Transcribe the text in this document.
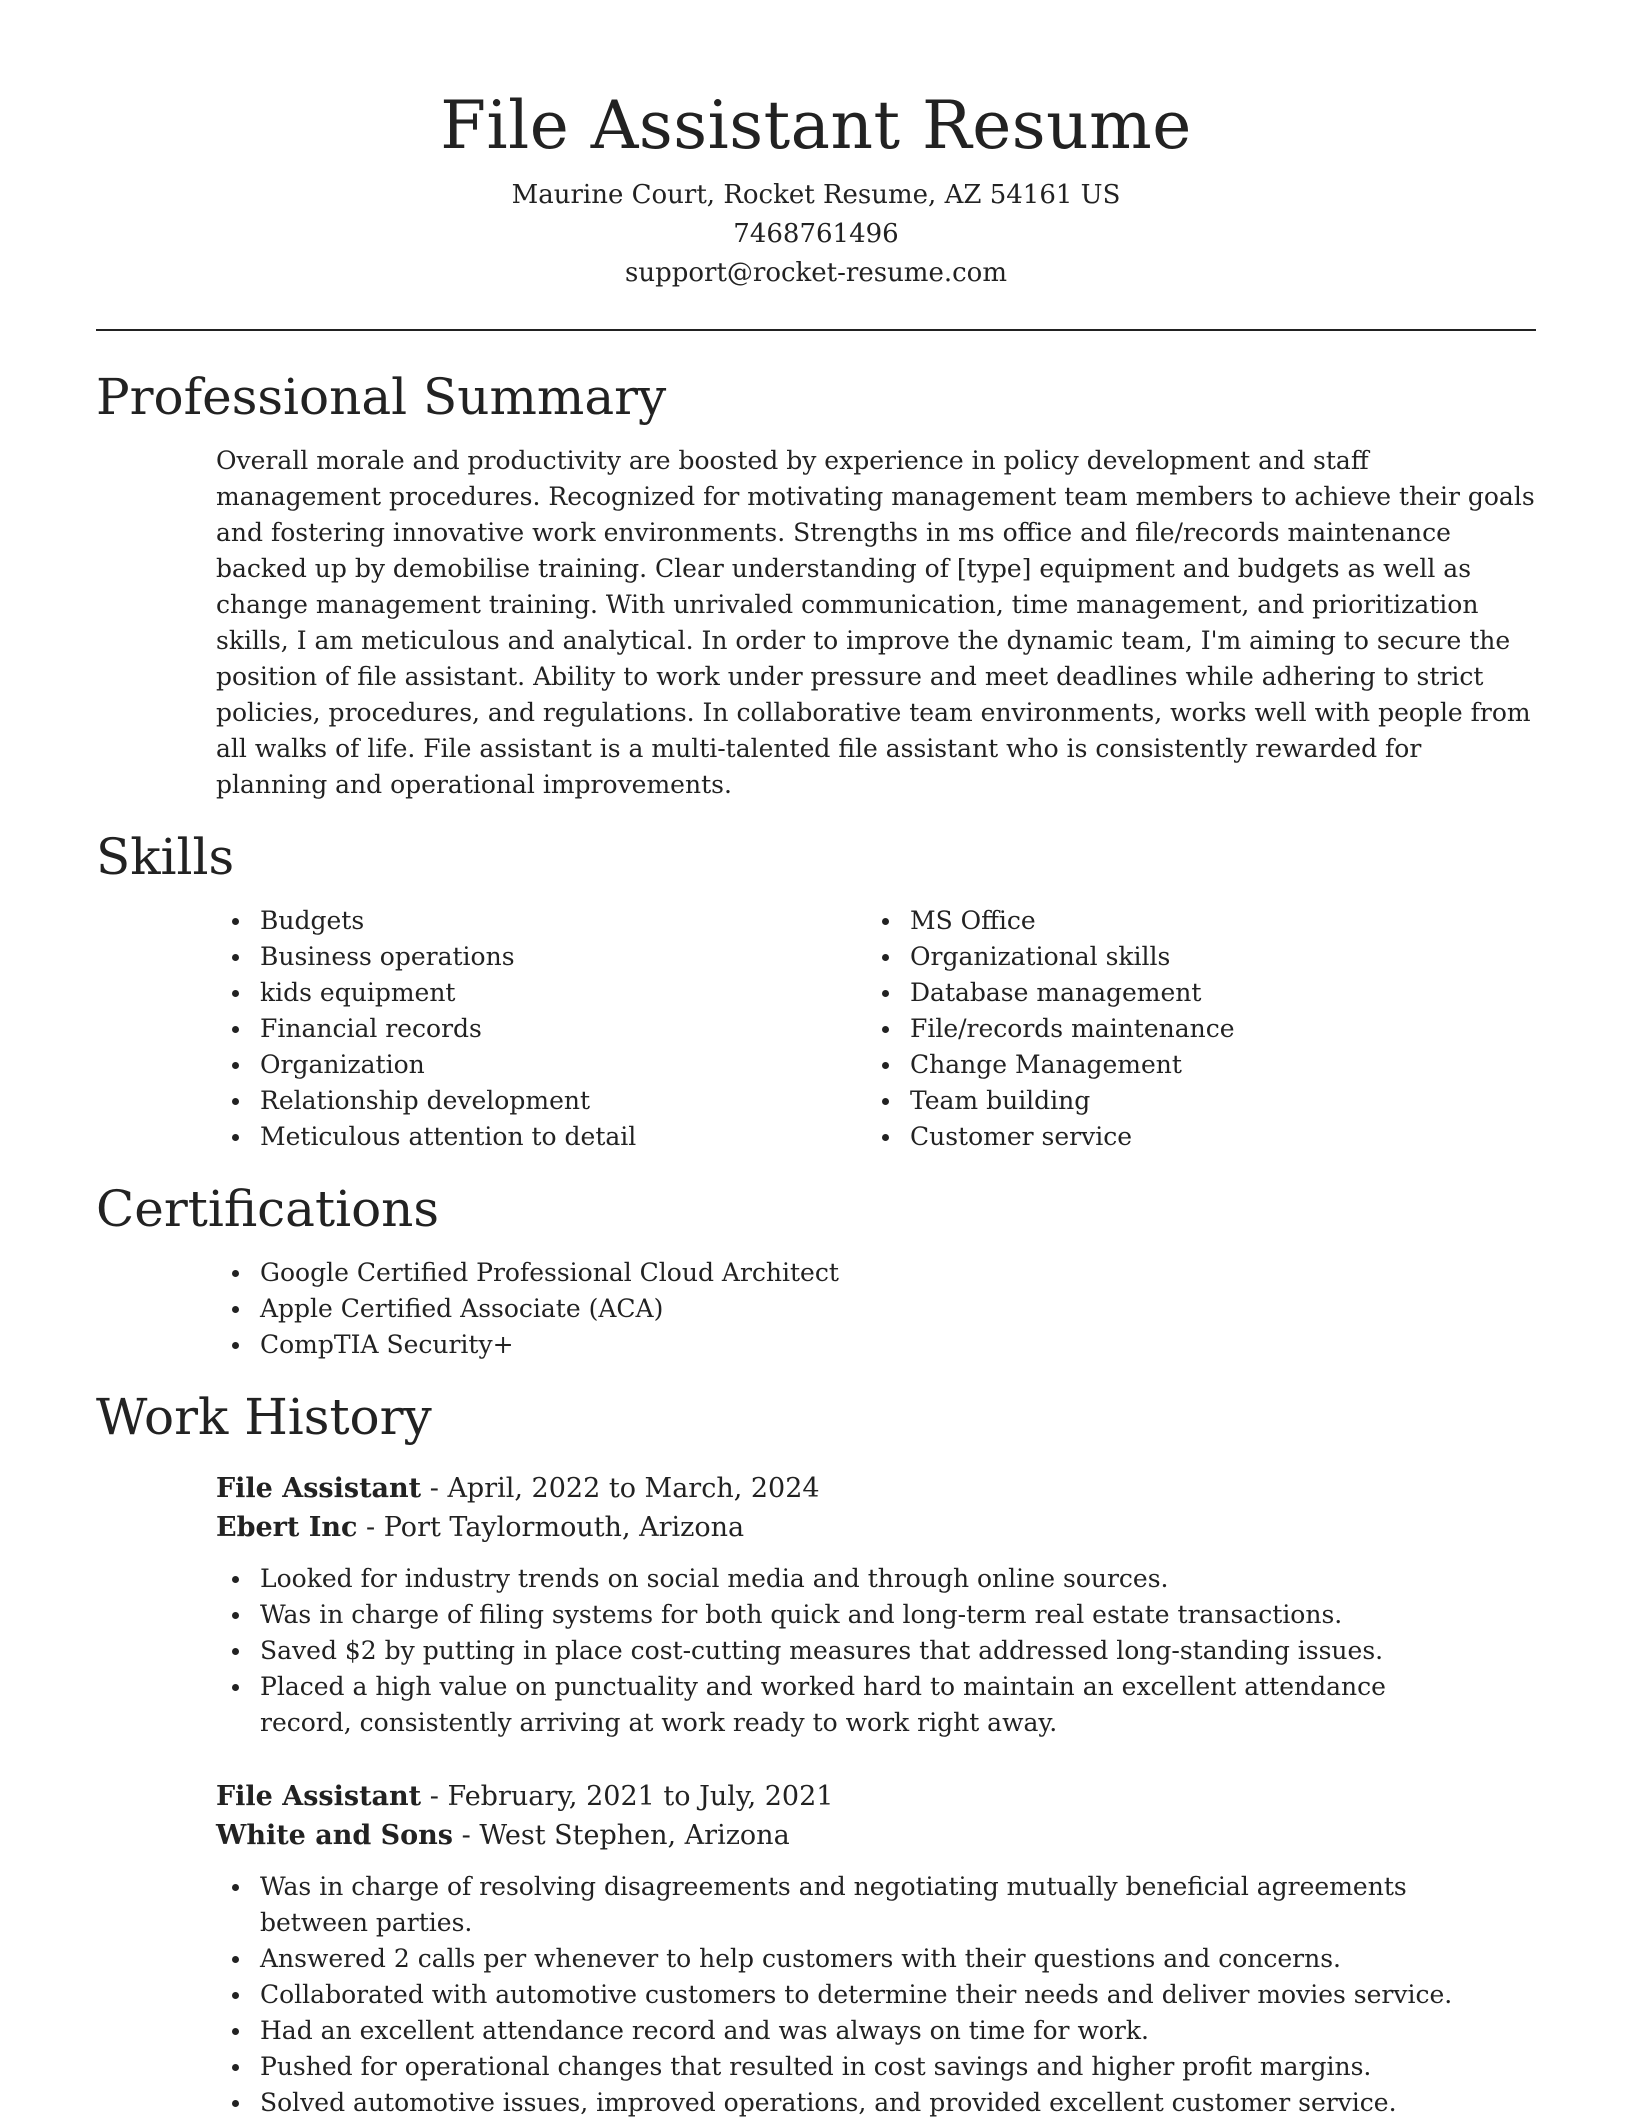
File Assistant Resume
Maurine Court, Rocket Resume, AZ 54161 US
7468761496
support@rocket-resume.com
Professional Summary
Overall morale and productivity are boosted by experience in policy development and staff management procedures. Recognized for motivating management team members to achieve their goals and fostering innovative work environments. Strengths in ms office and file/records maintenance backed up by demobilise training. Clear understanding of [type] equipment and budgets as well as change management training. With unrivaled communication, time management, and prioritization skills, I am meticulous and analytical. In order to improve the dynamic team, I'm aiming to secure the position of file assistant. Ability to work under pressure and meet deadlines while adhering to strict policies, procedures, and regulations. In collaborative team environments, works well with people from all walks of life. File assistant is a multi-talented file assistant who is consistently rewarded for planning and operational improvements.
Skills
Budgets
Business operations
kids equipment
Financial records
Organization
Relationship development
Meticulous attention to detail
MS Office
Organizational skills
Database management
File/records maintenance
Change Management
Team building
Customer service
Certifications
Google Certified Professional Cloud Architect
Apple Certified Associate (ACA)
CompTIA Security+
Work History
File Assistant - April, 2022 to March, 2024
Ebert Inc - Port Taylormouth, Arizona
Looked for industry trends on social media and through online sources.
Was in charge of filing systems for both quick and long-term real estate transactions.
Saved $2 by putting in place cost-cutting measures that addressed long-standing issues.
Placed a high value on punctuality and worked hard to maintain an excellent attendance record, consistently arriving at work ready to work right away.
File Assistant - February, 2021 to July, 2021
White and Sons - West Stephen, Arizona
Was in charge of resolving disagreements and negotiating mutually beneficial agreements between parties.
Answered 2 calls per whenever to help customers with their questions and concerns.
Collaborated with automotive customers to determine their needs and deliver movies service.
Had an excellent attendance record and was always on time for work.
Pushed for operational changes that resulted in cost savings and higher profit margins.
Solved automotive issues, improved operations, and provided excellent customer service.
